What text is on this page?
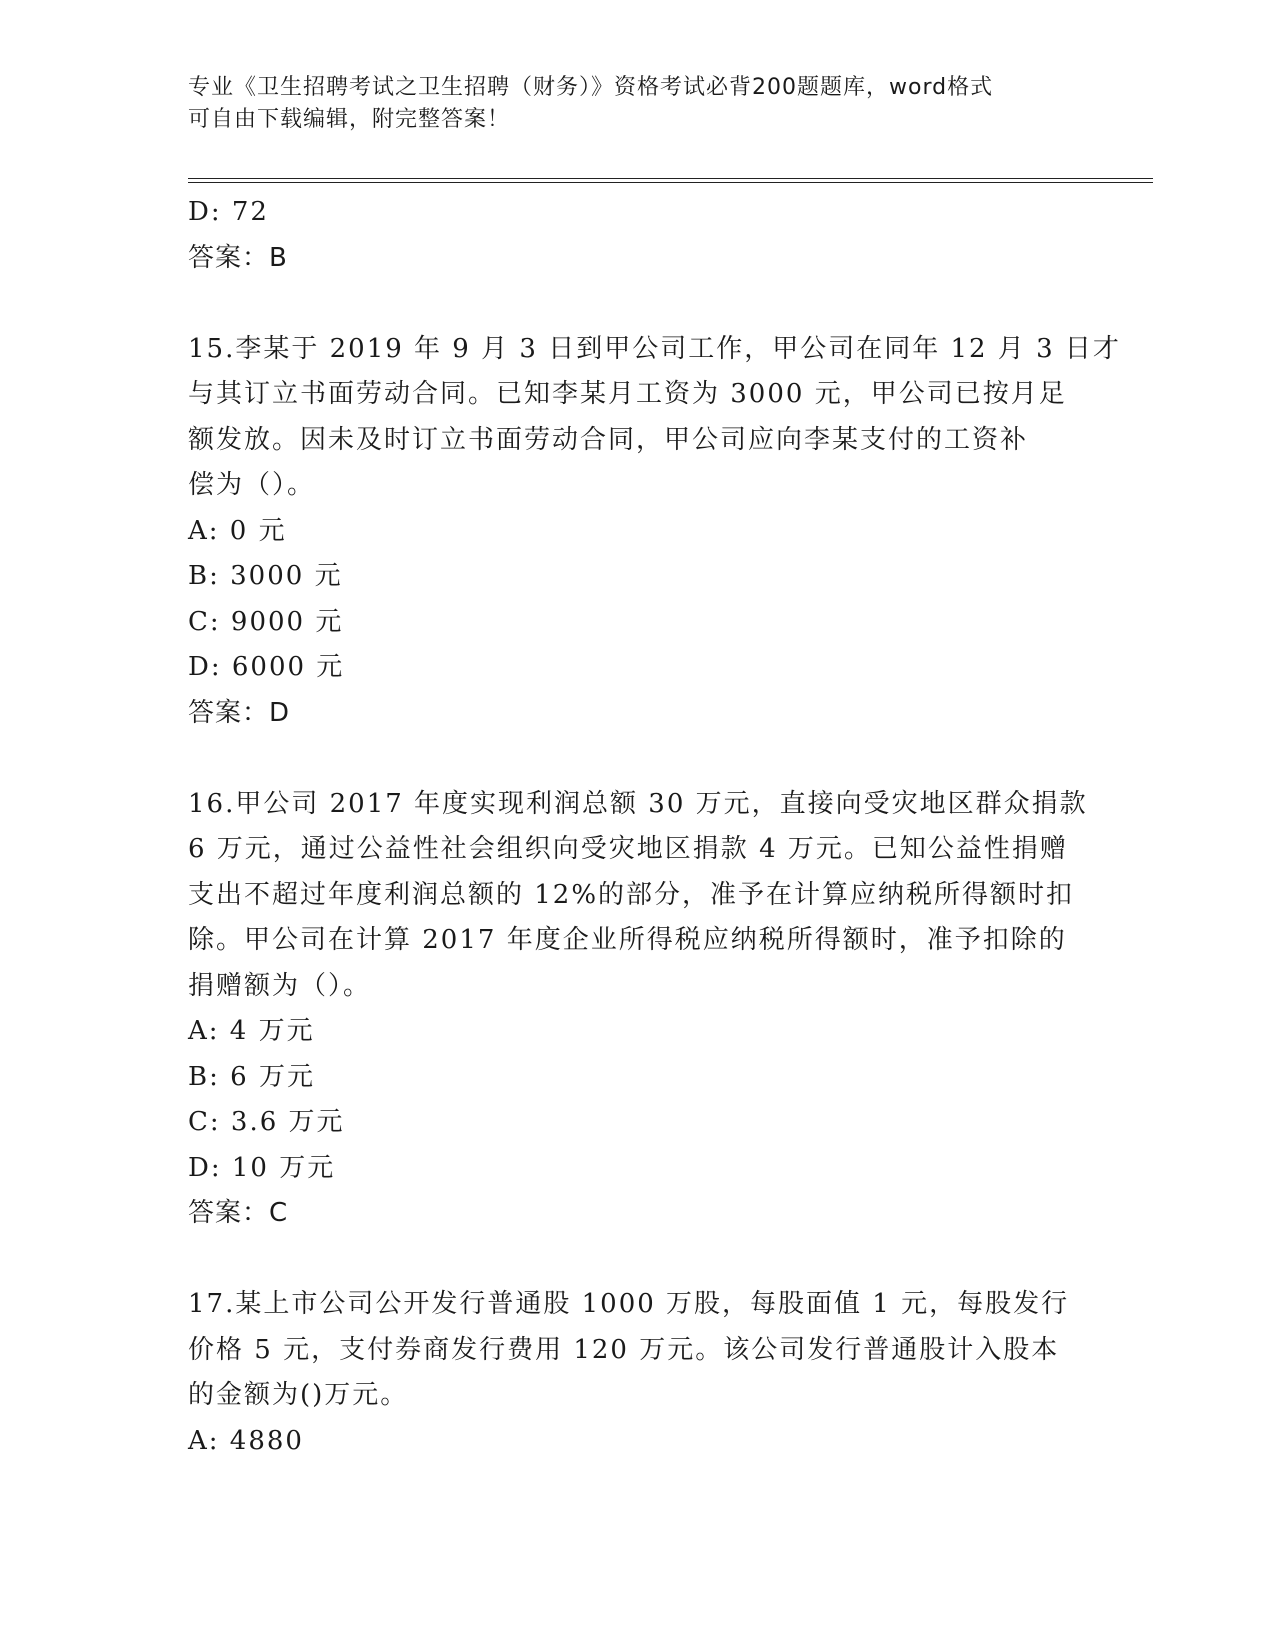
专业《卫生招聘考试之卫生招聘（财务）》资格考试必背200题题库，word格式
可自由下载编辑，附完整答案！
D: 72
答案：B
15.李某于 2019 年 9 月 3 日到甲公司工作，甲公司在同年 12 月 3 日才
与其订立书面劳动合同。已知李某月工资为 3000 元，甲公司已按月足
额发放。因未及时订立书面劳动合同，甲公司应向李某支付的工资补
偿为（）。
A: 0 元
B: 3000 元
C: 9000 元
D: 6000 元
答案：D
16.甲公司 2017 年度实现利润总额 30 万元，直接向受灾地区群众捐款
6 万元，通过公益性社会组织向受灾地区捐款 4 万元。已知公益性捐赠
支出不超过年度利润总额的 12%的部分，准予在计算应纳税所得额时扣
除。甲公司在计算 2017 年度企业所得税应纳税所得额时，准予扣除的
捐赠额为（）。
A: 4 万元
B: 6 万元
C: 3.6 万元
D: 10 万元
答案：C
17.某上市公司公开发行普通股 1000 万股，每股面值 1 元，每股发行
价格 5 元，支付券商发行费用 120 万元。该公司发行普通股计入股本
的金额为()万元。
A: 4880
